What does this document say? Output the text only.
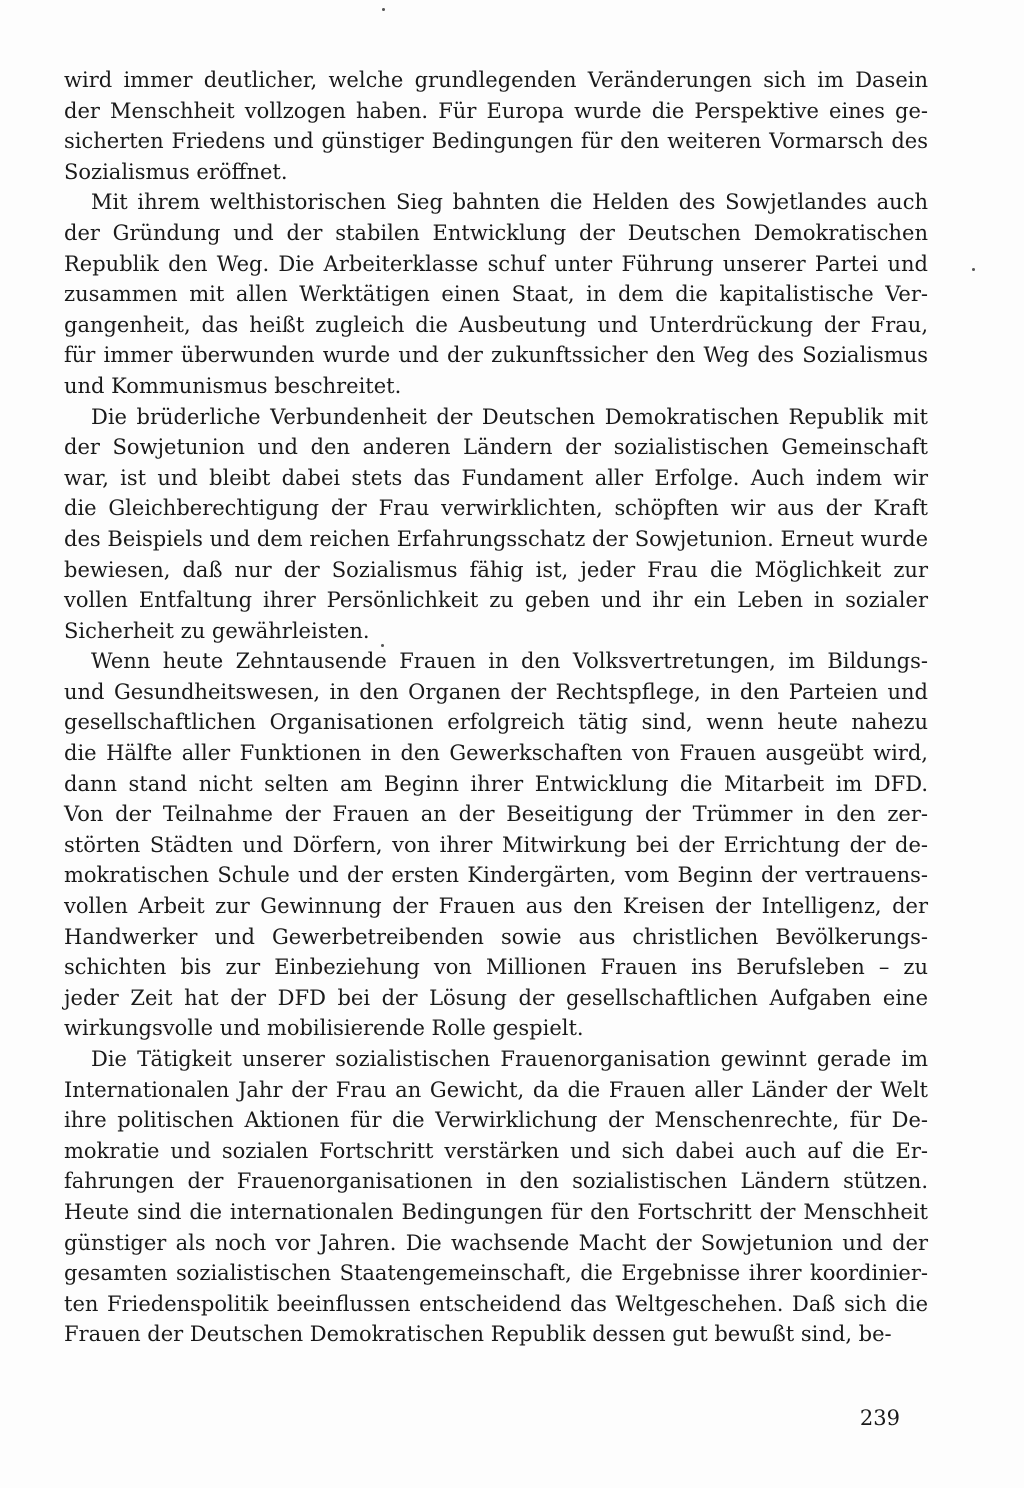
wird immer deutlicher, welche grundlegenden Veränderungen sich im Dasein
der Menschheit vollzogen haben. Für Europa wurde die Perspektive eines ge-
sicherten Friedens und günstiger Bedingungen für den weiteren Vormarsch des
Sozialismus eröffnet.
Mit ihrem welthistorischen Sieg bahnten die Helden des Sowjetlandes auch
der Gründung und der stabilen Entwicklung der Deutschen Demokratischen
Republik den Weg. Die Arbeiterklasse schuf unter Führung unserer Partei und
zusammen mit allen Werktätigen einen Staat, in dem die kapitalistische Ver-
gangenheit, das heißt zugleich die Ausbeutung und Unterdrückung der Frau,
für immer überwunden wurde und der zukunftssicher den Weg des Sozialismus
und Kommunismus beschreitet.
Die brüderliche Verbundenheit der Deutschen Demokratischen Republik mit
der Sowjetunion und den anderen Ländern der sozialistischen Gemeinschaft
war, ist und bleibt dabei stets das Fundament aller Erfolge. Auch indem wir
die Gleichberechtigung der Frau verwirklichten, schöpften wir aus der Kraft
des Beispiels und dem reichen Erfahrungsschatz der Sowjetunion. Erneut wurde
bewiesen, daß nur der Sozialismus fähig ist, jeder Frau die Möglichkeit zur
vollen Entfaltung ihrer Persönlichkeit zu geben und ihr ein Leben in sozialer
Sicherheit zu gewährleisten.
Wenn heute Zehntausende Frauen in den Volksvertretungen, im Bildungs-
und Gesundheitswesen, in den Organen der Rechtspflege, in den Parteien und
gesellschaftlichen Organisationen erfolgreich tätig sind, wenn heute nahezu
die Hälfte aller Funktionen in den Gewerkschaften von Frauen ausgeübt wird,
dann stand nicht selten am Beginn ihrer Entwicklung die Mitarbeit im DFD.
Von der Teilnahme der Frauen an der Beseitigung der Trümmer in den zer-
störten Städten und Dörfern, von ihrer Mitwirkung bei der Errichtung der de-
mokratischen Schule und der ersten Kindergärten, vom Beginn der vertrauens-
vollen Arbeit zur Gewinnung der Frauen aus den Kreisen der Intelligenz, der
Handwerker und Gewerbetreibenden sowie aus christlichen Bevölkerungs-
schichten bis zur Einbeziehung von Millionen Frauen ins Berufsleben – zu
jeder Zeit hat der DFD bei der Lösung der gesellschaftlichen Aufgaben eine
wirkungsvolle und mobilisierende Rolle gespielt.
Die Tätigkeit unserer sozialistischen Frauenorganisation gewinnt gerade im
Internationalen Jahr der Frau an Gewicht, da die Frauen aller Länder der Welt
ihre politischen Aktionen für die Verwirklichung der Menschenrechte, für De-
mokratie und sozialen Fortschritt verstärken und sich dabei auch auf die Er-
fahrungen der Frauenorganisationen in den sozialistischen Ländern stützen.
Heute sind die internationalen Bedingungen für den Fortschritt der Menschheit
günstiger als noch vor Jahren. Die wachsende Macht der Sowjetunion und der
gesamten sozialistischen Staatengemeinschaft, die Ergebnisse ihrer koordinier-
ten Friedenspolitik beeinflussen entscheidend das Weltgeschehen. Daß sich die
Frauen der Deutschen Demokratischen Republik dessen gut bewußt sind, be-
239
